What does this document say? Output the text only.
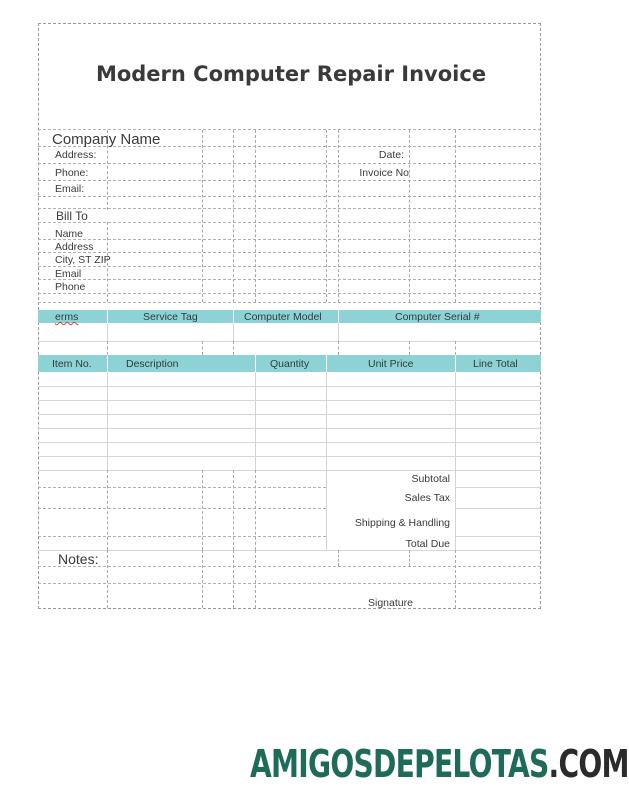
Modern Computer Repair Invoice
Company Name
Address:
Phone:
Email:
Date:
Invoice No
Bill To
Name
Address
City, ST ZIP
Email
Phone
erms	Service Tag	Computer Model	Computer Serial #
Item No.	Description	Quantity	Unit Price	Line Total
Subtotal
Sales Tax
Shipping & Handling
Total Due
Notes:
Signature
AMIGOSDEPELOTAS.COM
